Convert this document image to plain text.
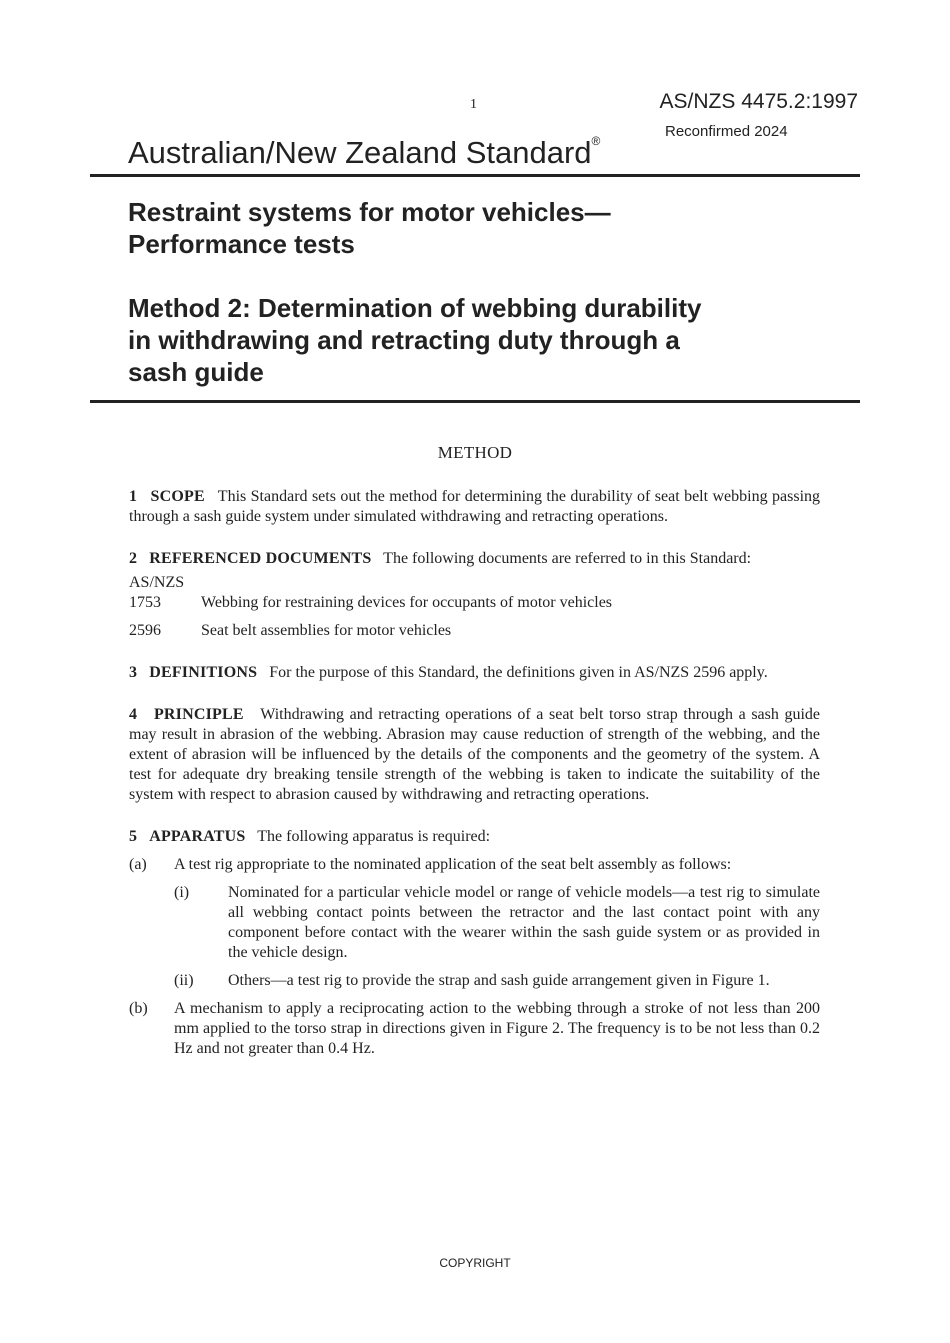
1	AS/NZS 4475.2:1997
Reconfirmed 2024
Australian/New Zealand Standard®
Restraint systems for motor vehicles—
Performance tests
Method 2: Determination of webbing durability
in withdrawing and retracting duty through a
sash guide
METHOD

1 SCOPE This Standard sets out the method for determining the durability of seat belt webbing passing through a sash guide system under simulated withdrawing and retracting operations.

2 REFERENCED DOCUMENTS The following documents are referred to in this Standard:

AS/NZS
1753	Webbing for restraining devices for occupants of motor vehicles
2596	Seat belt assemblies for motor vehicles

3 DEFINITIONS For the purpose of this Standard, the definitions given in AS/NZS 2596 apply.

4 PRINCIPLE Withdrawing and retracting operations of a seat belt torso strap through a sash guide may result in abrasion of the webbing. Abrasion may cause reduction of strength of the webbing, and the extent of abrasion will be influenced by the details of the components and the geometry of the system. A test for adequate dry breaking tensile strength of the webbing is taken to indicate the suitability of the system with respect to abrasion caused by withdrawing and retracting operations.

5 APPARATUS The following apparatus is required:

(a)	A test rig appropriate to the nominated application of the seat belt assembly as follows:
(i)	Nominated for a particular vehicle model or range of vehicle models—a test rig to simulate all webbing contact points between the retractor and the last contact point with any component before contact with the wearer within the sash guide system or as provided in the vehicle design.
(ii)	Others—a test rig to provide the strap and sash guide arrangement given in Figure 1.
(b)	A mechanism to apply a reciprocating action to the webbing through a stroke of not less than 200 mm applied to the torso strap in directions given in Figure 2. The frequency is to be not less than 0.2 Hz and not greater than 0.4 Hz.
COPYRIGHT
